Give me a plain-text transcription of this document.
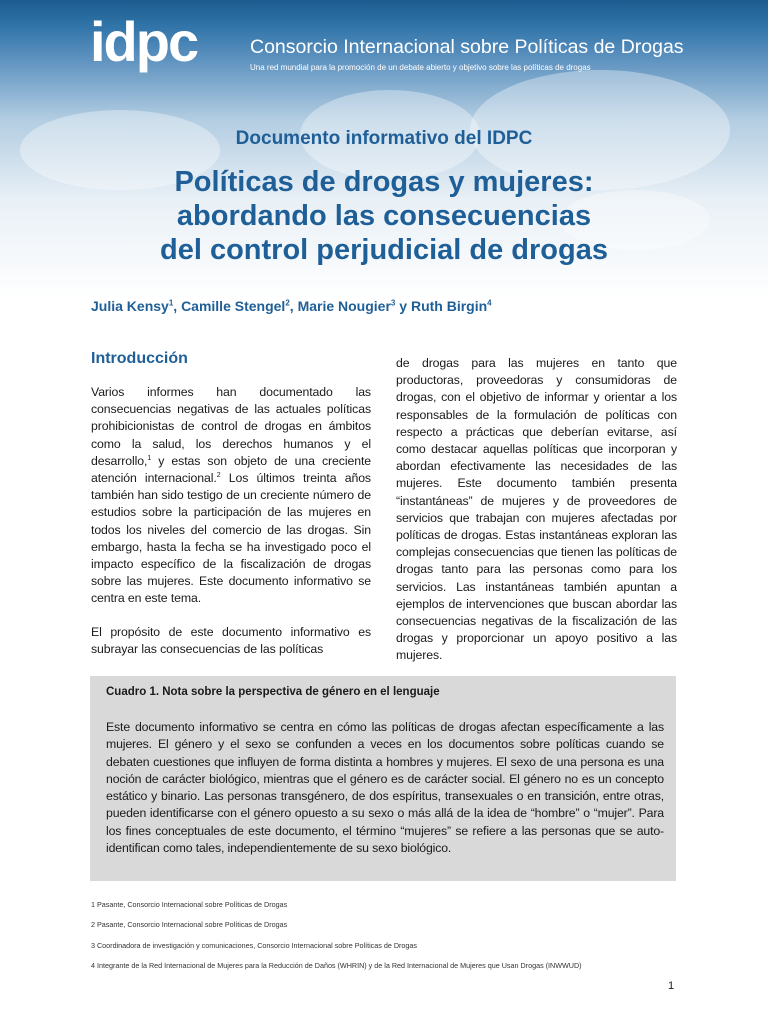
idpc	Consorcio Internacional sobre Políticas de Drogas
Una red mundial para la promoción de un debate abierto y objetivo sobre las políticas de drogas
Documento informativo del IDPC
Políticas de drogas y mujeres:
abordando las consecuencias
del control perjudicial de drogas
Julia Kensy$^1$, Camille Stengel$^2$, Marie Nougier$^3$ y Ruth Birgin$^4$
Introducción

Varios informes han documentado las consecuencias negativas de las actuales políticas prohibicionistas de control de drogas en ámbitos como la salud, los derechos humanos y el desarrollo,$^1$ y estas son objeto de una creciente atención internacional.$^2$ Los últimos treinta años también han sido testigo de un creciente número de estudios sobre la participación de las mujeres en todos los niveles del comercio de las drogas. Sin embargo, hasta la fecha se ha investigado poco el impacto específico de la fiscalización de drogas sobre las mujeres. Este documento informativo se centra en este tema.

El propósito de este documento informativo es subrayar las consecuencias de las políticas

de drogas para las mujeres en tanto que productoras, proveedoras y consumidoras de drogas, con el objetivo de informar y orientar a los responsables de la formulación de políticas con respecto a prácticas que deberían evitarse, así como destacar aquellas políticas que incorporan y abordan efectivamente las necesidades de las mujeres. Este documento también presenta “instantáneas” de mujeres y de proveedores de servicios que trabajan con mujeres afectadas por políticas de drogas. Estas instantáneas exploran las complejas consecuencias que tienen las políticas de drogas tanto para las personas como para los servicios. Las instantáneas también apuntan a ejemplos de intervenciones que buscan abordar las consecuencias negativas de la fiscalización de las drogas y proporcionar un apoyo positivo a las mujeres.

Cuadro 1. Nota sobre la perspectiva de género en el lenguaje
Este documento informativo se centra en cómo las políticas de drogas afectan específicamente a las mujeres. El género y el sexo se confunden a veces en los documentos sobre políticas cuando se debaten cuestiones que influyen de forma distinta a hombres y mujeres. El sexo de una persona es una noción de carácter biológico, mientras que el género es de carácter social. El género no es un concepto estático y binario. Las personas transgénero, de dos espíritus, transexuales o en transición, entre otras, pueden identificarse con el género opuesto a su sexo o más allá de la idea de “hombre” o “mujer”. Para los fines conceptuales de este documento, el término “mujeres” se refiere a las personas que se auto-identifican como tales, independientemente de su sexo biológico.
1 Pasante, Consorcio Internacional sobre Políticas de Drogas
2 Pasante, Consorcio Internacional sobre Políticas de Drogas
3 Coordinadora de investigación y comunicaciones, Consorcio Internacional sobre Políticas de Drogas
4 Integrante de la Red Internacional de Mujeres para la Reducción de Daños (WHRIN) y de la Red Internacional de Mujeres que Usan Drogas (INWWUD)
1
